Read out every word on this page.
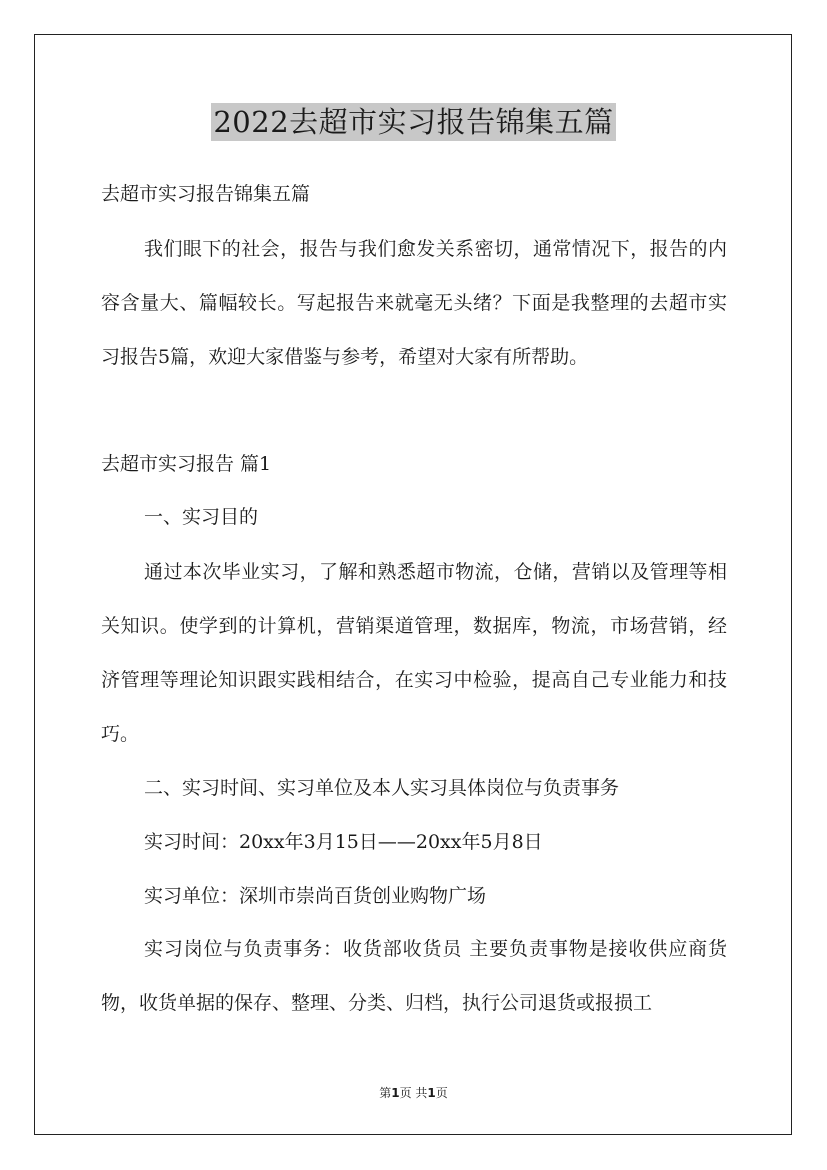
2022去超市实习报告锦集五篇

去超市实习报告锦集五篇

我们眼下的社会，报告与我们愈发关系密切，通常情况下，报告的内容含量大、篇幅较长。写起报告来就毫无头绪？下面是我整理的去超市实习报告5篇，欢迎大家借鉴与参考，希望对大家有所帮助。

去超市实习报告 篇1

一、实习目的

通过本次毕业实习，了解和熟悉超市物流，仓储，营销以及管理等相关知识。使学到的计算机，营销渠道管理，数据库，物流，市场营销，经济管理等理论知识跟实践相结合，在实习中检验，提高自己专业能力和技巧。

二、实习时间、实习单位及本人实习具体岗位与负责事务

实习时间：20xx年3月15日——20xx年5月8日

实习单位：深圳市崇尚百货创业购物广场

实习岗位与负责事务：收货部收货员 主要负责事物是接收供应商货物，收货单据的保存、整理、分类、归档，执行公司退货或报损工

第1页 共1页
